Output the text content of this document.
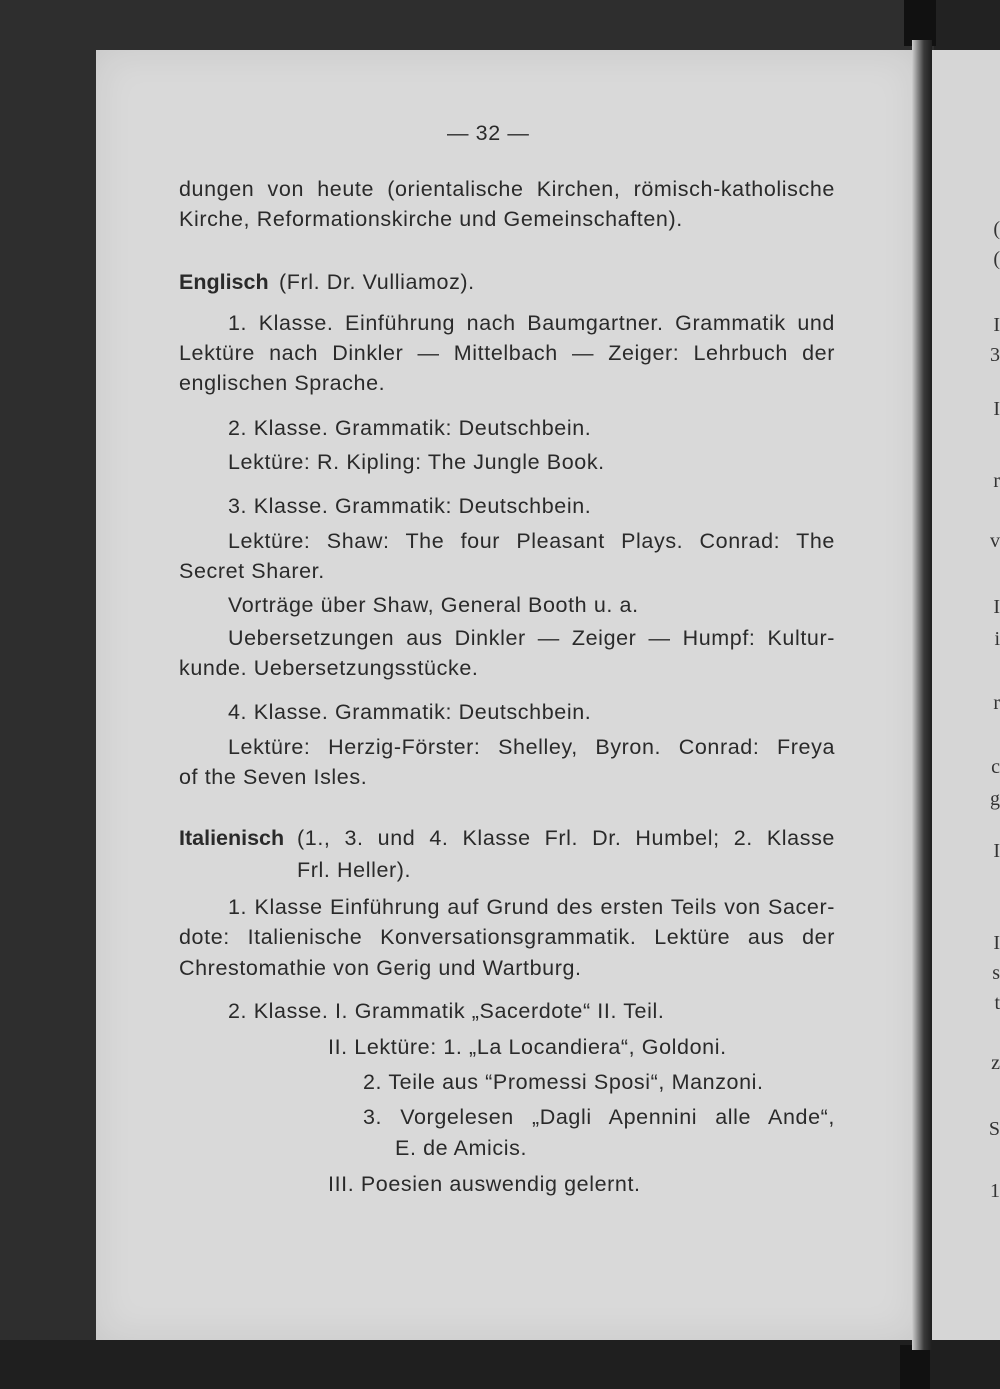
(
(
I
3
I
r
v
I
i
r
c
g
I
I
s
t
z
S
1
— 32 —
dungen von heute (orientalische Kirchen, römisch-katholische
Kirche, Reformationskirche und Gemeinschaften).
Englisch (Frl. Dr. Vulliamoz).
1. Klasse. Einführung nach Baumgartner. Grammatik und
Lektüre nach Dinkler — Mittelbach — Zeiger: Lehrbuch der
englischen Sprache.
2. Klasse. Grammatik: Deutschbein.
Lektüre: R. Kipling: The Jungle Book.
3. Klasse. Grammatik: Deutschbein.
Lektüre: Shaw: The four Pleasant Plays. Conrad: The
Secret Sharer.
Vorträge über Shaw, General Booth u. a.
Uebersetzungen aus Dinkler — Zeiger — Humpf: Kultur-
kunde. Uebersetzungsstücke.
4. Klasse. Grammatik: Deutschbein.
Lektüre: Herzig-Förster: Shelley, Byron. Conrad: Freya
of the Seven Isles.
Italienisch (1., 3. und 4. Klasse Frl. Dr. Humbel; 2. Klasse
Frl. Heller).
1. Klasse Einführung auf Grund des ersten Teils von Sacer-
dote: Italienische Konversationsgrammatik. Lektüre aus der
Chrestomathie von Gerig und Wartburg.
2. Klasse. I. Grammatik „Sacerdote“ II. Teil.
II. Lektüre: 1. „La Locandiera“, Goldoni.
2. Teile aus “Promessi Sposi“, Manzoni.
3. Vorgelesen „Dagli Apennini alle Ande“,
E. de Amicis.
III. Poesien auswendig gelernt.
